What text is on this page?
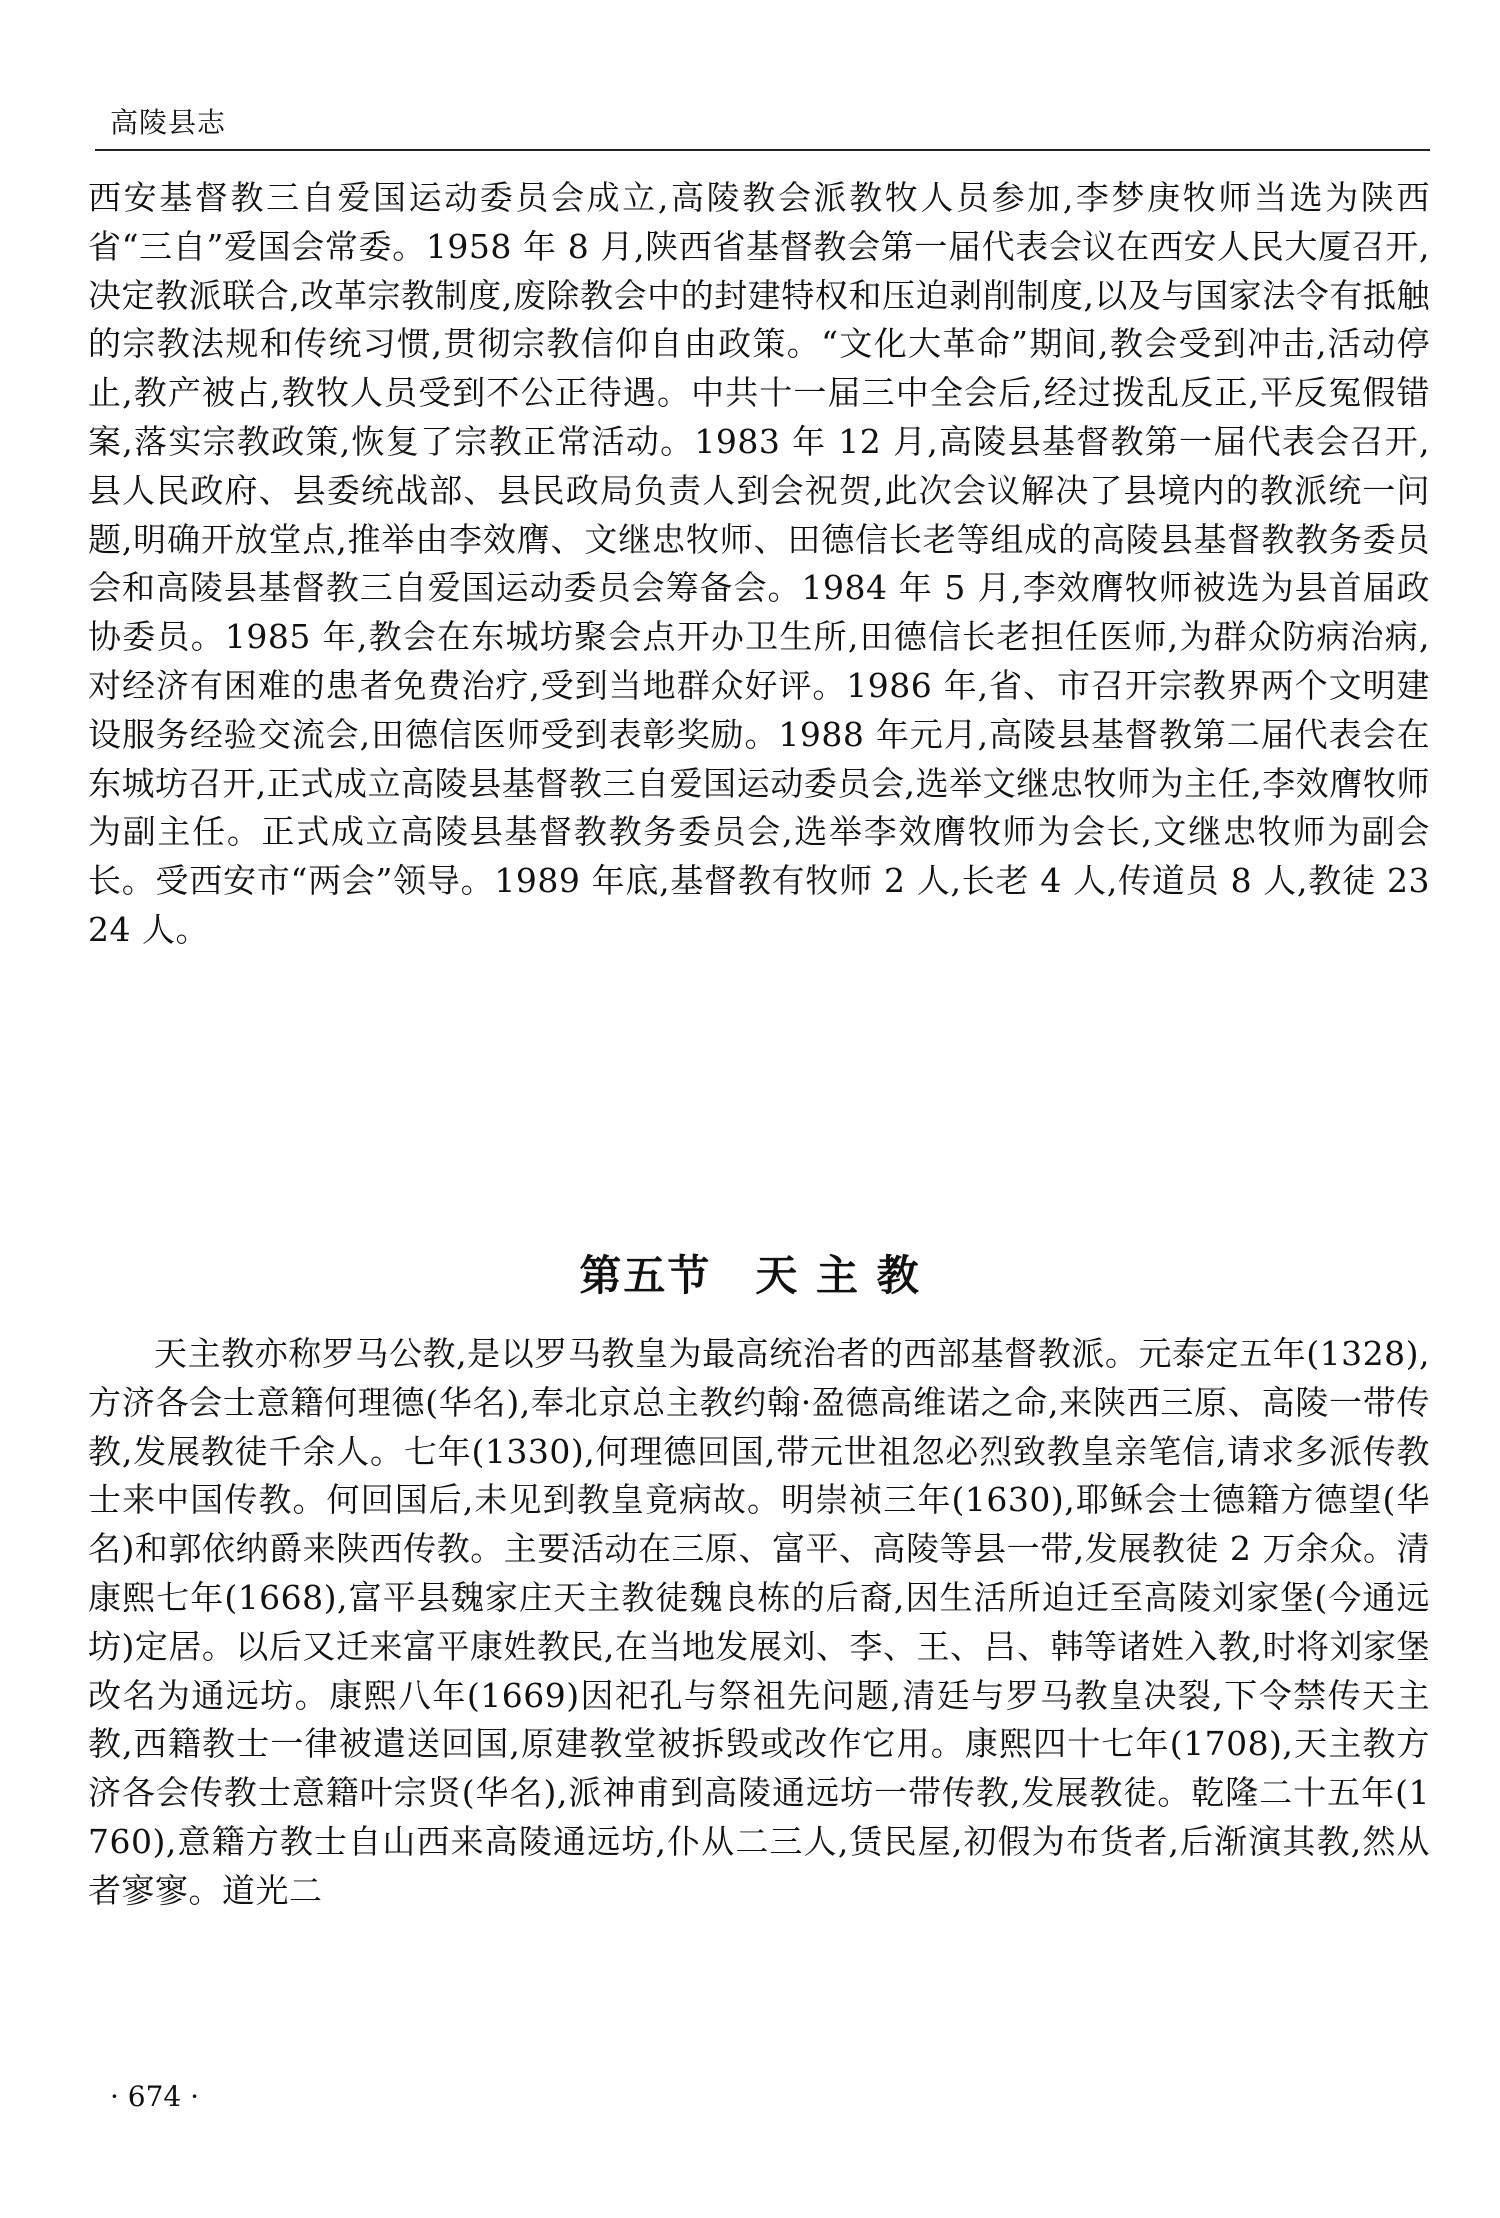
高陵县志

西安基督教三自爱国运动委员会成立,高陵教会派教牧人员参加,李梦庚牧师当选为陕西省“三自”爱国会常委。1958 年 8 月,陕西省基督教会第一届代表会议在西安人民大厦召开,决定教派联合,改革宗教制度,废除教会中的封建特权和压迫剥削制度,以及与国家法令有抵触的宗教法规和传统习惯,贯彻宗教信仰自由政策。“文化大革命”期间,教会受到冲击,活动停止,教产被占,教牧人员受到不公正待遇。中共十一届三中全会后,经过拨乱反正,平反冤假错案,落实宗教政策,恢复了宗教正常活动。1983 年 12 月,高陵县基督教第一届代表会召开,县人民政府、县委统战部、县民政局负责人到会祝贺,此次会议解决了县境内的教派统一问题,明确开放堂点,推举由李效膺、文继忠牧师、田德信长老等组成的高陵县基督教教务委员会和高陵县基督教三自爱国运动委员会筹备会。1984 年 5 月,李效膺牧师被选为县首届政协委员。1985 年,教会在东城坊聚会点开办卫生所,田德信长老担任医师,为群众防病治病,对经济有困难的患者免费治疗,受到当地群众好评。1986 年,省、市召开宗教界两个文明建设服务经验交流会,田德信医师受到表彰奖励。1988 年元月,高陵县基督教第二届代表会在东城坊召开,正式成立高陵县基督教三自爱国运动委员会,选举文继忠牧师为主任,李效膺牧师为副主任。正式成立高陵县基督教教务委员会,选举李效膺牧师为会长,文继忠牧师为副会长。受西安市“两会”领导。1989 年底,基督教有牧师 2 人,长老 4 人,传道员 8 人,教徒 2324 人。

第五节　天 主 教

天主教亦称罗马公教,是以罗马教皇为最高统治者的西部基督教派。元泰定五年(1328),方济各会士意籍何理德(华名),奉北京总主教约翰·盈德高维诺之命,来陕西三原、高陵一带传教,发展教徒千余人。七年(1330),何理德回国,带元世祖忽必烈致教皇亲笔信,请求多派传教士来中国传教。何回国后,未见到教皇竟病故。明崇祯三年(1630),耶稣会士德籍方德望(华名)和郭依纳爵来陕西传教。主要活动在三原、富平、高陵等县一带,发展教徒 2 万余众。清康熙七年(1668),富平县魏家庄天主教徒魏良栋的后裔,因生活所迫迁至高陵刘家堡(今通远坊)定居。以后又迁来富平康姓教民,在当地发展刘、李、王、吕、韩等诸姓入教,时将刘家堡改名为通远坊。康熙八年(1669)因祀孔与祭祖先问题,清廷与罗马教皇决裂,下令禁传天主教,西籍教士一律被遣送回国,原建教堂被拆毁或改作它用。康熙四十七年(1708),天主教方济各会传教士意籍叶宗贤(华名),派神甫到高陵通远坊一带传教,发展教徒。乾隆二十五年(1760),意籍方教士自山西来高陵通远坊,仆从二三人,赁民屋,初假为布货者,后渐演其教,然从者寥寥。道光二

· 674 ·
